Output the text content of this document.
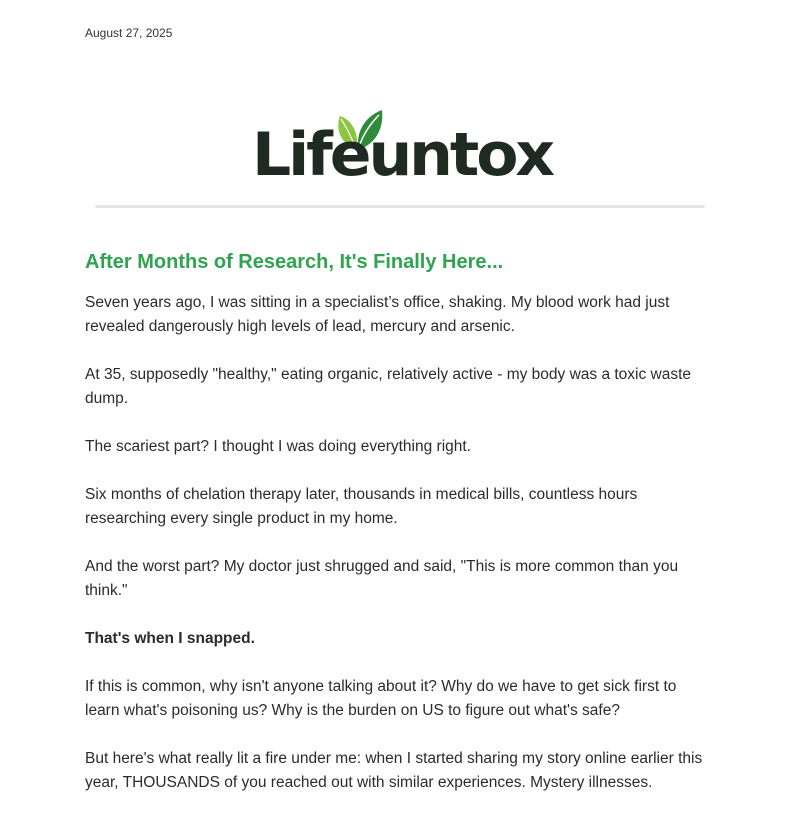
August 27, 2025
Lifeuntox
After Months of Research, It's Finally Here...

Seven years ago, I was sitting in a specialist’s office, shaking. My blood work had just revealed dangerously high levels of lead, mercury and arsenic.

At 35, supposedly "healthy," eating organic, relatively active - my body was a toxic waste dump.

The scariest part? I thought I was doing everything right.

Six months of chelation therapy later, thousands in medical bills, countless hours researching every single product in my home.

And the worst part? My doctor just shrugged and said, "This is more common than you think."

That's when I snapped.

If this is common, why isn't anyone talking about it? Why do we have to get sick first to learn what's poisoning us? Why is the burden on US to figure out what's safe?

But here's what really lit a fire under me: when I started sharing my story online earlier this year, THOUSANDS of you reached out with similar experiences. Mystery illnesses.
